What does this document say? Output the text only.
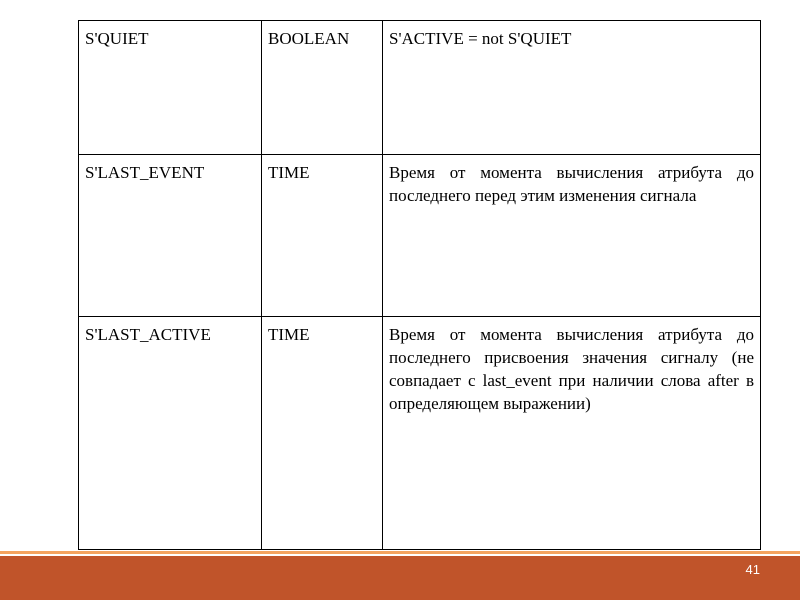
S'QUIET	BOOLEAN	S'ACTIVE = not S'QUIET
S'LAST_EVENT	TIME	Время от момента вычисления атрибута до последнего перед этим изменения сигнала
S'LAST_ACTIVE	TIME	Время от момента вычисления атрибута до последнего присвоения значения сигналу (не совпадает с last_event при наличии слова after в определяющем выражении)
41
